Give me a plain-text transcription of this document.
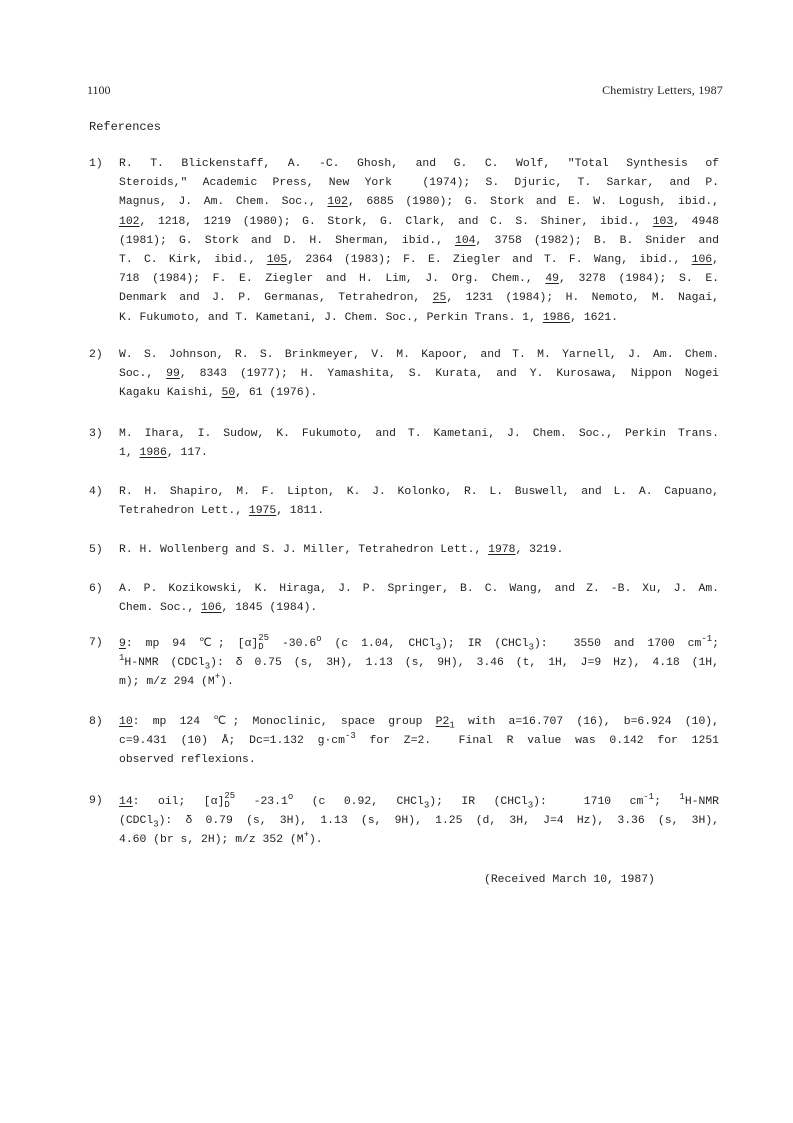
1100	Chemistry Letters, 1987
References
1)	R. T. Blickenstaff, A. -C. Ghosh, and G. C. Wolf, "Total Synthesis of
Steroids," Academic Press, New York  (1974); S. Djuric, T. Sarkar, and P.
Magnus, J. Am. Chem. Soc., 102, 6885 (1980); G. Stork and E. W. Logush, ibid.,
102, 1218, 1219 (1980); G. Stork, G. Clark, and C. S. Shiner, ibid., 103, 4948
(1981); G. Stork and D. H. Sherman, ibid., 104, 3758 (1982); B. B. Snider and
T. C. Kirk, ibid., 105, 2364 (1983); F. E. Ziegler and T. F. Wang, ibid., 106,
718 (1984); F. E. Ziegler and H. Lim, J. Org. Chem., 49, 3278 (1984); S. E.
Denmark and J. P. Germanas, Tetrahedron, 25, 1231 (1984); H. Nemoto, M. Nagai,
K. Fukumoto, and T. Kametani, J. Chem. Soc., Perkin Trans. 1, 1986, 1621.
2)	W. S. Johnson, R. S. Brinkmeyer, V. M. Kapoor, and T. M. Yarnell, J. Am. Chem.
Soc., 99, 8343 (1977); H. Yamashita, S. Kurata, and Y. Kurosawa, Nippon Nogei
Kagaku Kaishi, 50, 61 (1976).
3)	M. Ihara, I. Sudow, K. Fukumoto, and T. Kametani, J. Chem. Soc., Perkin Trans.
1, 1986, 117.
4)	R. H. Shapiro, M. F. Lipton, K. J. Kolonko, R. L. Buswell, and L. A. Capuano,
Tetrahedron Lett., 1975, 1811.
5)	R. H. Wollenberg and S. J. Miller, Tetrahedron Lett., 1978, 3219.
6)	A. P. Kozikowski, K. Hiraga, J. P. Springer, B. C. Wang, and Z. -B. Xu, J. Am.
Chem. Soc., 106, 1845 (1984).
7)	9: mp 94 ℃; [α]25
D -30.6$^o$ (c 1.04, CHCl$_3$); IR (CHCl$_3$):  3550 and 1700 $cm^{-1}$;
$^1$H-NMR (CDCl$_3$): δ 0.75 (s, 3H), 1.13 (s, 9H), 3.46 (t, 1H, J=9 Hz), 4.18 (1H,
m); m/z 294 (M+).
8)	10: mp 124 ℃; Monoclinic, space group $P2_1$ with a=16.707 (16), b=6.924 (10),
c=9.431 (10) Å; Dc=1.132 $g\cdot cm^{-3}$ for Z=2.  Final R value was 0.142 for 1251
observed reflexions.
9)	14: oil; [α]25
D -23.1$^o$ (c 0.92, CHCl$_3$); IR (CHCl$_3$):  1710 $cm^{-1}$; $^1$H-NMR
(CDCl$_3$): δ 0.79 (s, 3H), 1.13 (s, 9H), 1.25 (d, 3H, J=4 Hz), 3.36 (s, 3H),
4.60 (br s, 2H); m/z 352 (M+).
(Received March 10, 1987)
